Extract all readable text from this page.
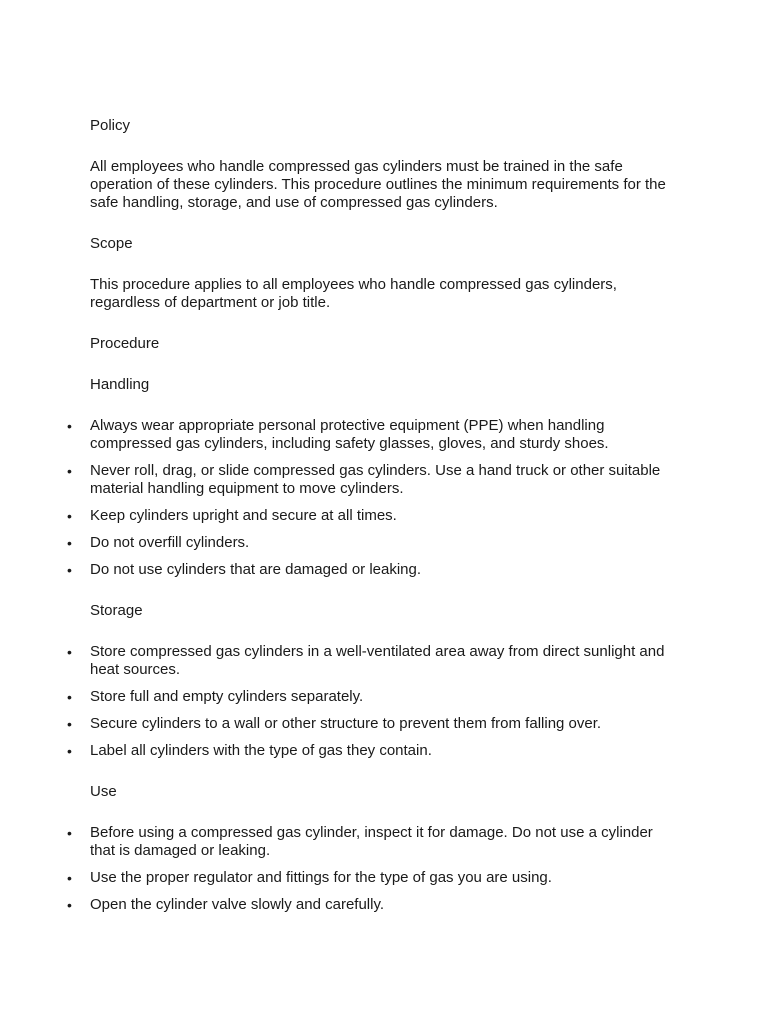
Policy
All employees who handle compressed gas cylinders must be trained in the safe operation of these cylinders. This procedure outlines the minimum requirements for the safe handling, storage, and use of compressed gas cylinders.
Scope
This procedure applies to all employees who handle compressed gas cylinders, regardless of department or job title.
Procedure
Handling
• Always wear appropriate personal protective equipment (PPE) when handling compressed gas cylinders, including safety glasses, gloves, and sturdy shoes.
• Never roll, drag, or slide compressed gas cylinders. Use a hand truck or other suitable material handling equipment to move cylinders.
• Keep cylinders upright and secure at all times.
• Do not overfill cylinders.
• Do not use cylinders that are damaged or leaking.
Storage
• Store compressed gas cylinders in a well-ventilated area away from direct sunlight and heat sources.
• Store full and empty cylinders separately.
• Secure cylinders to a wall or other structure to prevent them from falling over.
• Label all cylinders with the type of gas they contain.
Use
• Before using a compressed gas cylinder, inspect it for damage. Do not use a cylinder that is damaged or leaking.
• Use the proper regulator and fittings for the type of gas you are using.
• Open the cylinder valve slowly and carefully.
